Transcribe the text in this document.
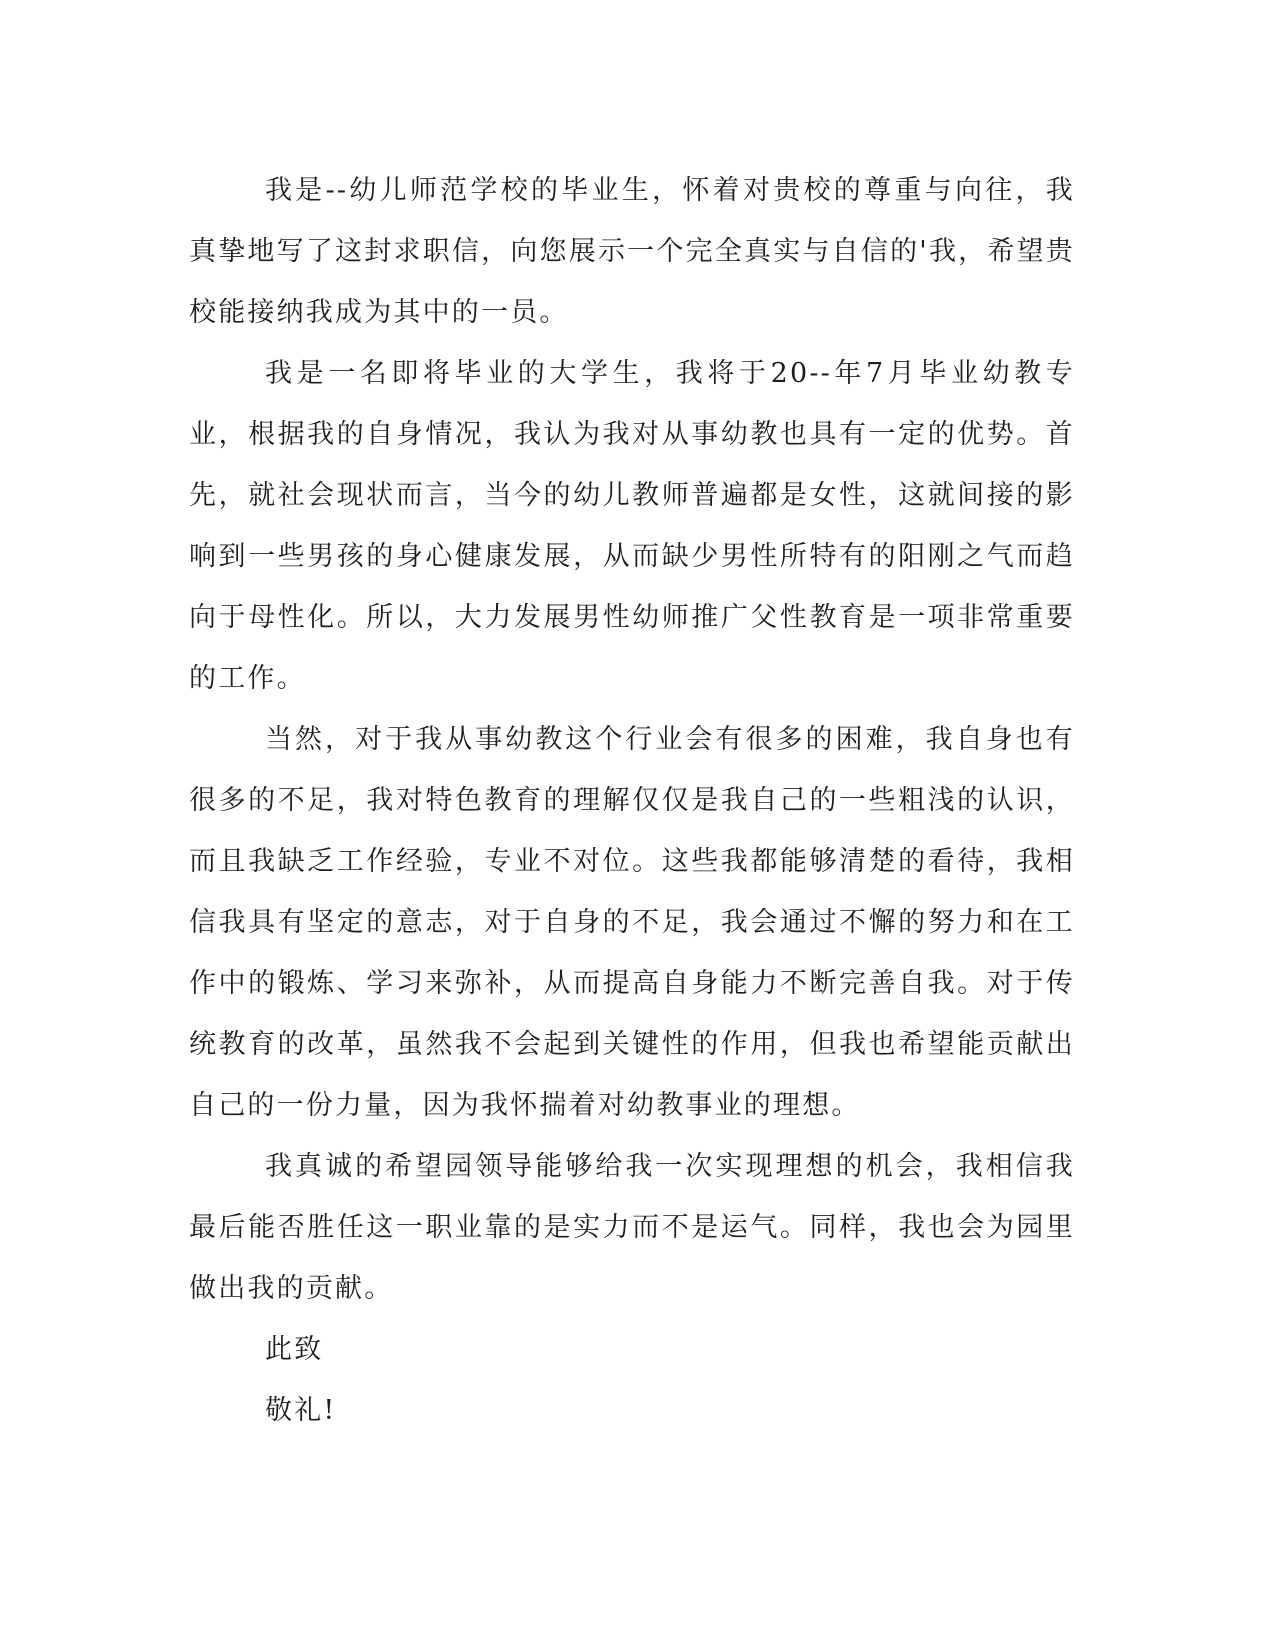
我是--幼儿师范学校的毕业生，怀着对贵校的尊重与向往，我真挚地写了这封求职信，向您展示一个完全真实与自信的'我，希望贵校能接纳我成为其中的一员。

我是一名即将毕业的大学生，我将于20--年7月毕业幼教专业，根据我的自身情况，我认为我对从事幼教也具有一定的优势。首先，就社会现状而言，当今的幼儿教师普遍都是女性，这就间接的影响到一些男孩的身心健康发展，从而缺少男性所特有的阳刚之气而趋向于母性化。所以，大力发展男性幼师推广父性教育是一项非常重要的工作。

当然，对于我从事幼教这个行业会有很多的困难，我自身也有很多的不足，我对特色教育的理解仅仅是我自己的一些粗浅的认识，而且我缺乏工作经验，专业不对位。这些我都能够清楚的看待，我相信我具有坚定的意志，对于自身的不足，我会通过不懈的努力和在工作中的锻炼、学习来弥补，从而提高自身能力不断完善自我。对于传统教育的改革，虽然我不会起到关键性的作用，但我也希望能贡献出自己的一份力量，因为我怀揣着对幼教事业的理想。

我真诚的希望园领导能够给我一次实现理想的机会，我相信我最后能否胜任这一职业靠的是实力而不是运气。同样，我也会为园里做出我的贡献。

此致

敬礼!
